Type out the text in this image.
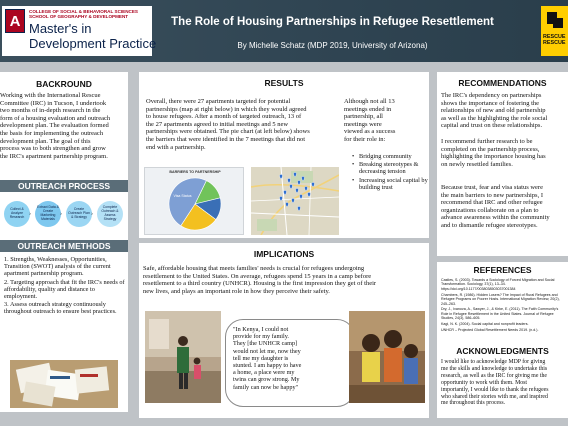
A
COLLEGE OF SOCIAL & BEHAVIORAL SCIENCES
SCHOOL OF GEOGRAPHY & DEVELOPMENT
Master's in
Development Practice
The Role of Housing Partnerships in Refugee Resettlement
By Michelle Schatz (MDP 2019, University of Arizona)
RESCUE
RESCUE
BACKROUND
Working with the International Rescue
Committee (IRC) in Tucson, I undertook
two months of in-depth research in the
form of a housing evaluation and outreach
development plan. The evaluation formed
the basis for implementing the outreach
development plan. The goal of this
process was to both strengthen and grow
the IRC's apartment partnership program.
OUTREACH PROCESS
Collect & Analyze Research ›
Extract Data & Create Marketing Materials
›
Create Outreach Plan & Strategy ›
Complete Outreach & Assess Strategy
OUTREACH METHODS
1. Strengths, Weaknesses, Opportunities, Transition (SWOT) analysis of the current apartment partnership program.
2. Targeting approach that fit the IRC's needs of affordability, quality and distance to employment.
3. Assess outreach strategy continuously throughout outreach to ensure best practices.
RESULTS
Overall, there were 27 apartments targeted for potential
partnerships (map at right below) in which they would agreed
to house refugees. After a month of targeted outreach, 13 of
the 27 apartments agreed to initial meetings and 5 new
partnerships were obtained. The pie chart (at left below) shows
the barriers that were identified in the 7 meetings that did not
end with a partnership.
Although not all 13
meetings ended in
partnership, all
meetings were
viewed as a success
for their role in:
• Bridging community
• Breaking stereotypes & decreasing tension
• Increasing social capital by building trust
BARRIERS TO PARTNERSHIP
Visa Status
IMPLICATIONS
Safe, affordable housing that meets families' needs is crucial for refugees undergoing
resettlement to the United States. On average, refugees spend 15 years in a camp before
resettlement to a third country (UNHCR). Housing is the first impression they get of their
new lives, and plays an important role in how they perceive their safety.
"In Kenya, I could not
provide for my family.
They [the UNHCR camp]
would not let me, now they
tell me my daughter is
stunted. I am happy to have
a home, a place were my
twins can grow strong. My
family can now be happy"
RECOMMENDATIONS
The IRC's dependency on partnerships
shows the importance of fostering the
relationships of new and old partnership
as well as the highlighting the role social
capital and trust on these relationships.
I recommend further research to be
completed on the partnership process,
highlighting the importance housing has
on newly resettled families.
Because trust, fear and visa status were
the main barriers to new partnerships, I
recommend that IRC and other refugee
organizations collaborate on a plan to
advance awareness within the community
and to dismantle refugee stereotypes.
REFERENCES

Castles, S. (2003). Towards a Sociology of Forced Migration and Social Transformation. Sociology, 37(1), 13–34. https://doi.org/10.1177/0038038503037001384

Chambers, R. (1986). Hidden Losers? The Impact of Rural Refugees and Refugee Programs on Poorer Hosts. International Migration Review, 20(2), 245–263.

Dry, J., Ivanova, A., Sawyer, J., & Kirke, E. (2011). The Faith Community's Role in Refugee Resettlement in the United States. Journal of Refugee Studies, 24(3), 586–605.

Kagi, N. K. (2004). Social capital and nonprofit leaders.

UNHCR – Projected Global Resettlement Needs 2019. (n.d.).

ACKNOWLEDGMENTS
I would like to acknowledge MDP for giving
me the skills and knowledge to undertake this
research, as well as the IRC for giving me the
opportunity to work with them. Most
importantly, I would like to thank the refugees
who shared their stories with me, and inspired
me throughout this process.
